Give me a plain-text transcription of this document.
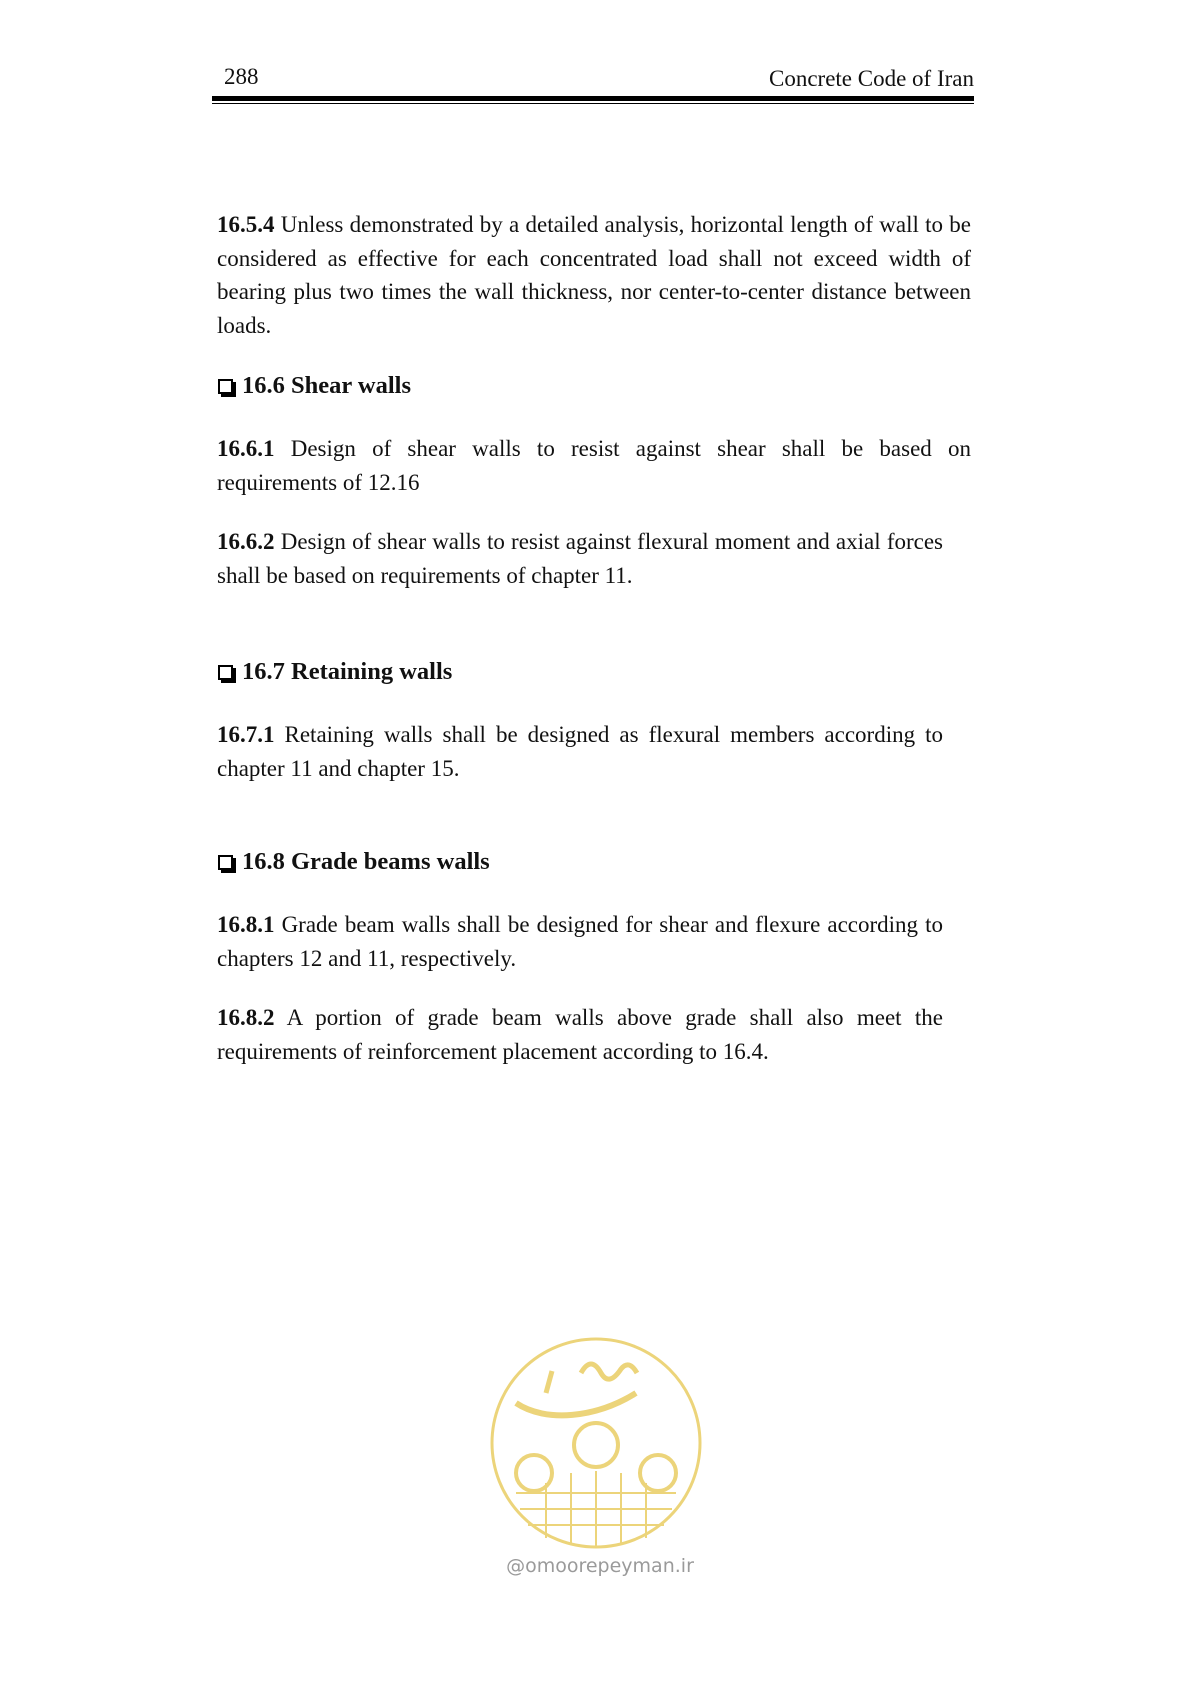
288	Concrete Code of Iran

16.5.4 Unless demonstrated by a detailed analysis, horizontal length of wall to be considered as effective for each concentrated load shall not exceed width of bearing plus two times the wall thickness, nor center-to-center distance between loads.

16.6 Shear walls

16.6.1 Design of shear walls to resist against shear shall be based on requirements of 12.16

16.6.2 Design of shear walls to resist against flexural moment and axial forces shall be based on requirements of chapter 11.

16.7 Retaining walls

16.7.1 Retaining walls shall be designed as flexural members according to chapter 11 and chapter 15.

16.8 Grade beams walls

16.8.1 Grade beam walls shall be designed for shear and flexure according to chapters 12 and 11, respectively.

16.8.2 A portion of grade beam walls above grade shall also meet the requirements of reinforcement placement according to 16.4.

@omoorepeyman.ir
